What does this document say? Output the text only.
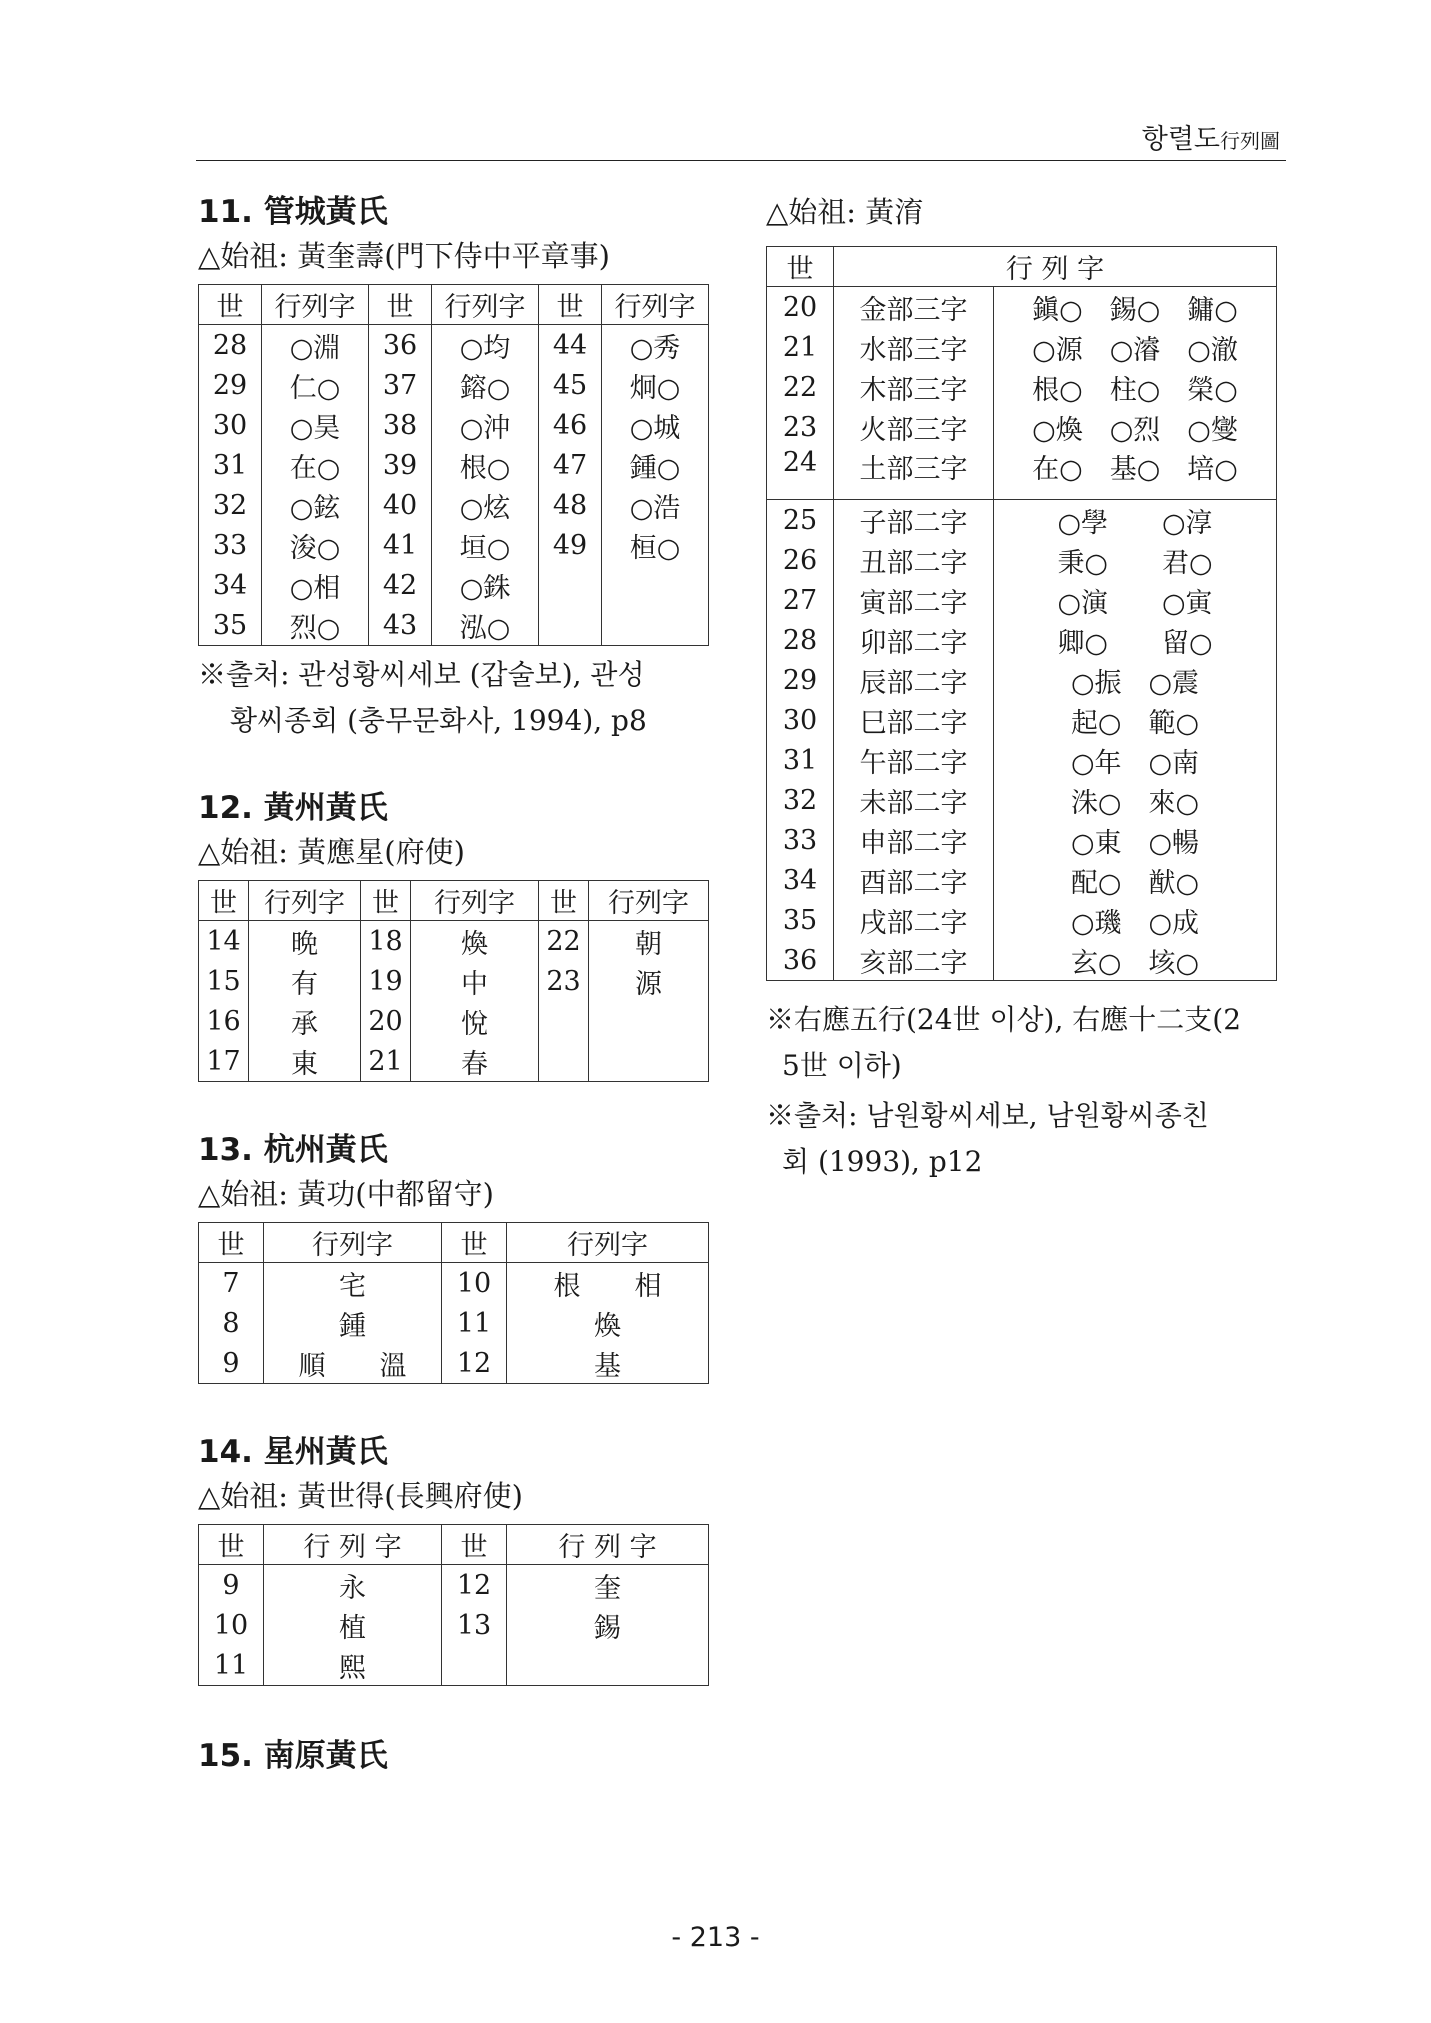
항렬도行列圖
11. 管城黃氏
△始祖: 黃奎壽(門下侍中平章事)
世	行列字	世	行列字	世	行列字
28	○淵	36	○均	44	○秀
29	仁○	37	鎔○	45	炯○
30	○昊	38	○沖	46	○城
31	在○	39	根○	47	鍾○
32	○鉉	40	○炫	48	○浩
33	浚○	41	垣○	49	桓○
34	○相	42	○銖		
35	烈○	43	泓○		
※출처: 관성황씨세보 (갑술보), 관성
황씨종회 (충무문화사, 1994), p8
12. 黃州黃氏
△始祖: 黃應星(府使)
世	行列字	世	行列字	世	行列字
14	晩	18	煥	22	朝
15	有	19	中	23	源
16	承	20	悅		
17	東	21	春		
13. 杭州黃氏
△始祖: 黃功(中都留守)
世	行列字	世	行列字
7	宅	10	根　　相
8	鍾	11	煥
9	順　　溫	12	基
14. 星州黃氏
△始祖: 黃世得(長興府使)
世	行 列 字	世	行 列 字
9	永	12	奎
10	植	13	錫
11	熙		
15. 南原黃氏
△始祖: 黃淯
世	行 列 字	
20	金部三字	鎭○　錫○　鏞○
21	水部三字	○源　○濬　○澈
22	木部三字	根○　柱○　榮○
23	火部三字	○煥　○烈　○燮
24	土部三字	在○　基○　培○
25	子部二字	○學　　○淳
26	丑部二字	秉○　　君○
27	寅部二字	○演　　○寅
28	卯部二字	卿○　　留○
29	辰部二字	○振　○震
30	巳部二字	起○　範○
31	午部二字	○年　○南
32	未部二字	洙○　來○
33	申部二字	○東　○暢
34	酉部二字	配○　猷○
35	戌部二字	○璣　○成
36	亥部二字	玄○　垓○
※右應五行(24世 이상), 右應十二支(2
5世 이하)
※출처: 남원황씨세보, 남원황씨종친
회 (1993), p12
- 213 -
